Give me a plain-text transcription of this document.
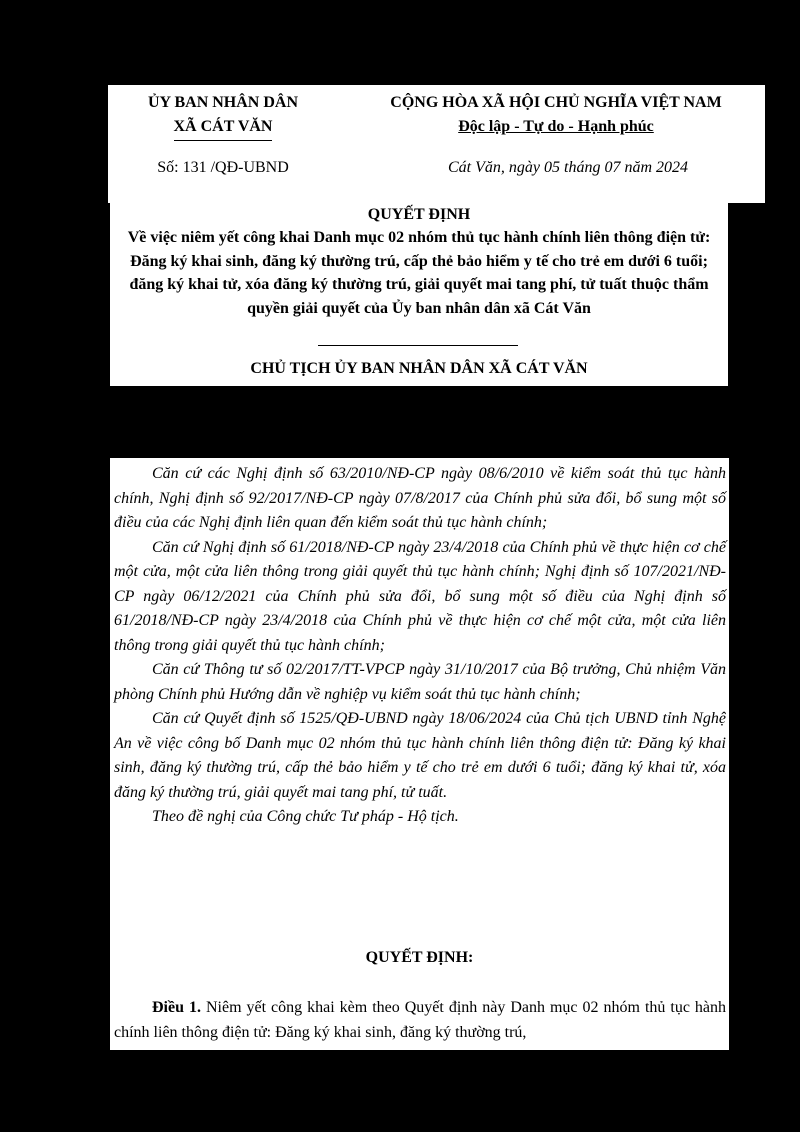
ỦY BAN NHÂN DÂN
XÃ CÁT VĂN
CỘNG HÒA XÃ HỘI CHỦ NGHĨA VIỆT NAM
Độc lập - Tự do - Hạnh phúc
Số: 131 /QĐ-UBND	Cát Văn, ngày 05 tháng 07 năm 2024
QUYẾT ĐỊNH
Về việc niêm yết công khai Danh mục 02 nhóm thủ tục hành chính liên thông điện tử: Đăng ký khai sinh, đăng ký thường trú, cấp thẻ bảo hiểm y tế cho trẻ em dưới 6 tuổi; đăng ký khai tử, xóa đăng ký thường trú, giải quyết mai tang phí, tử tuất thuộc thẩm quyền giải quyết của Ủy ban nhân dân xã Cát Văn
CHỦ TỊCH ỦY BAN NHÂN DÂN XÃ CÁT VĂN

Căn cứ các Nghị định số 63/2010/NĐ-CP ngày 08/6/2010 về kiểm soát thủ tục hành chính, Nghị định số 92/2017/NĐ-CP ngày 07/8/2017 của Chính phủ sửa đổi, bổ sung một số điều của các Nghị định liên quan đến kiểm soát thủ tục hành chính;

Căn cứ Nghị định số 61/2018/NĐ-CP ngày 23/4/2018 của Chính phủ về thực hiện cơ chế một cửa, một cửa liên thông trong giải quyết thủ tục hành chính; Nghị định số 107/2021/NĐ-CP ngày 06/12/2021 của Chính phủ sửa đổi, bổ sung một số điều của Nghị định số 61/2018/NĐ-CP ngày 23/4/2018 của Chính phủ về thực hiện cơ chế một cửa, một cửa liên thông trong giải quyết thủ tục hành chính;

Căn cứ Thông tư số 02/2017/TT-VPCP ngày 31/10/2017 của Bộ trưởng, Chủ nhiệm Văn phòng Chính phủ Hướng dẫn về nghiệp vụ kiểm soát thủ tục hành chính;

Căn cứ Quyết định số 1525/QĐ-UBND ngày 18/06/2024 của Chủ tịch UBND tỉnh Nghệ An về việc công bố Danh mục 02 nhóm thủ tục hành chính liên thông điện tử: Đăng ký khai sinh, đăng ký thường trú, cấp thẻ bảo hiểm y tế cho trẻ em dưới 6 tuổi; đăng ký khai tử, xóa đăng ký thường trú, giải quyết mai tang phí, tử tuất.

Theo đề nghị của Công chức Tư pháp - Hộ tịch.

QUYẾT ĐỊNH:
Điều 1. Niêm yết công khai kèm theo Quyết định này Danh mục 02 nhóm thủ tục hành chính liên thông điện tử: Đăng ký khai sinh, đăng ký thường trú,
